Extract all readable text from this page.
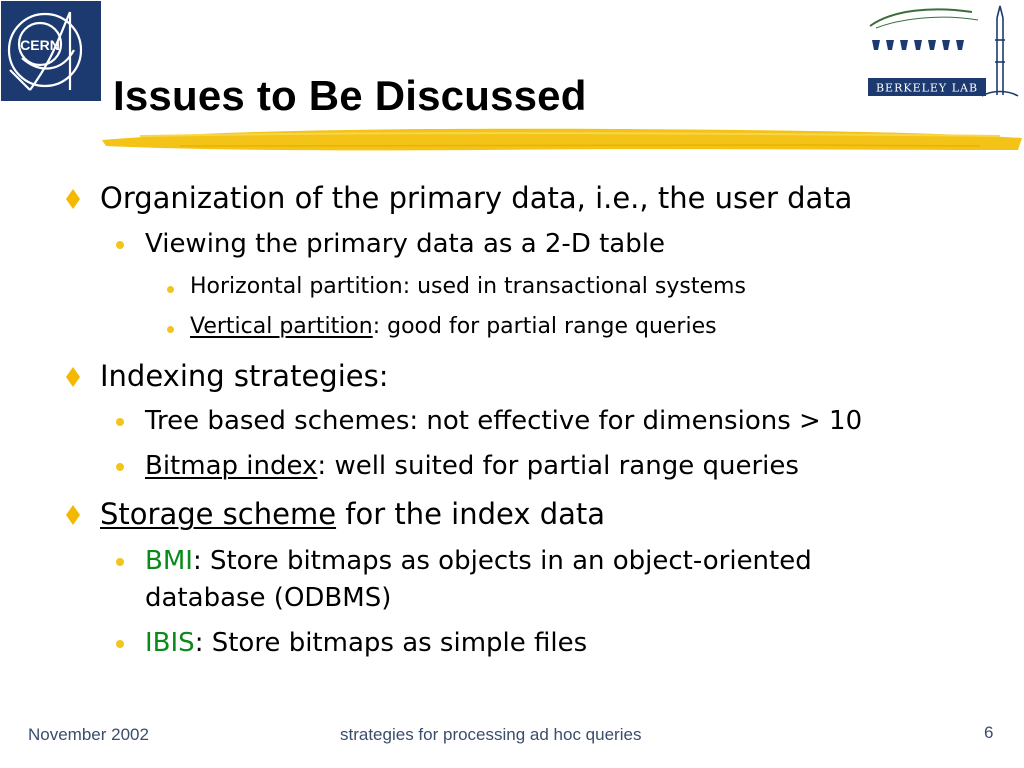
CERN
BERKELEY LAB
Issues to Be Discussed
Organization of the primary data, i.e., the user data
Viewing the primary data as a 2-D table
Horizontal partition: used in transactional systems
Vertical partition: good for partial range queries
Indexing strategies:
Tree based schemes: not effective for dimensions > 10
Bitmap index: well suited for partial range queries
Storage scheme for the index data
BMI: Store bitmaps as objects in an object-oriented
database (ODBMS)
IBIS: Store bitmaps as simple files
November 2002	strategies for processing ad hoc queries	6
